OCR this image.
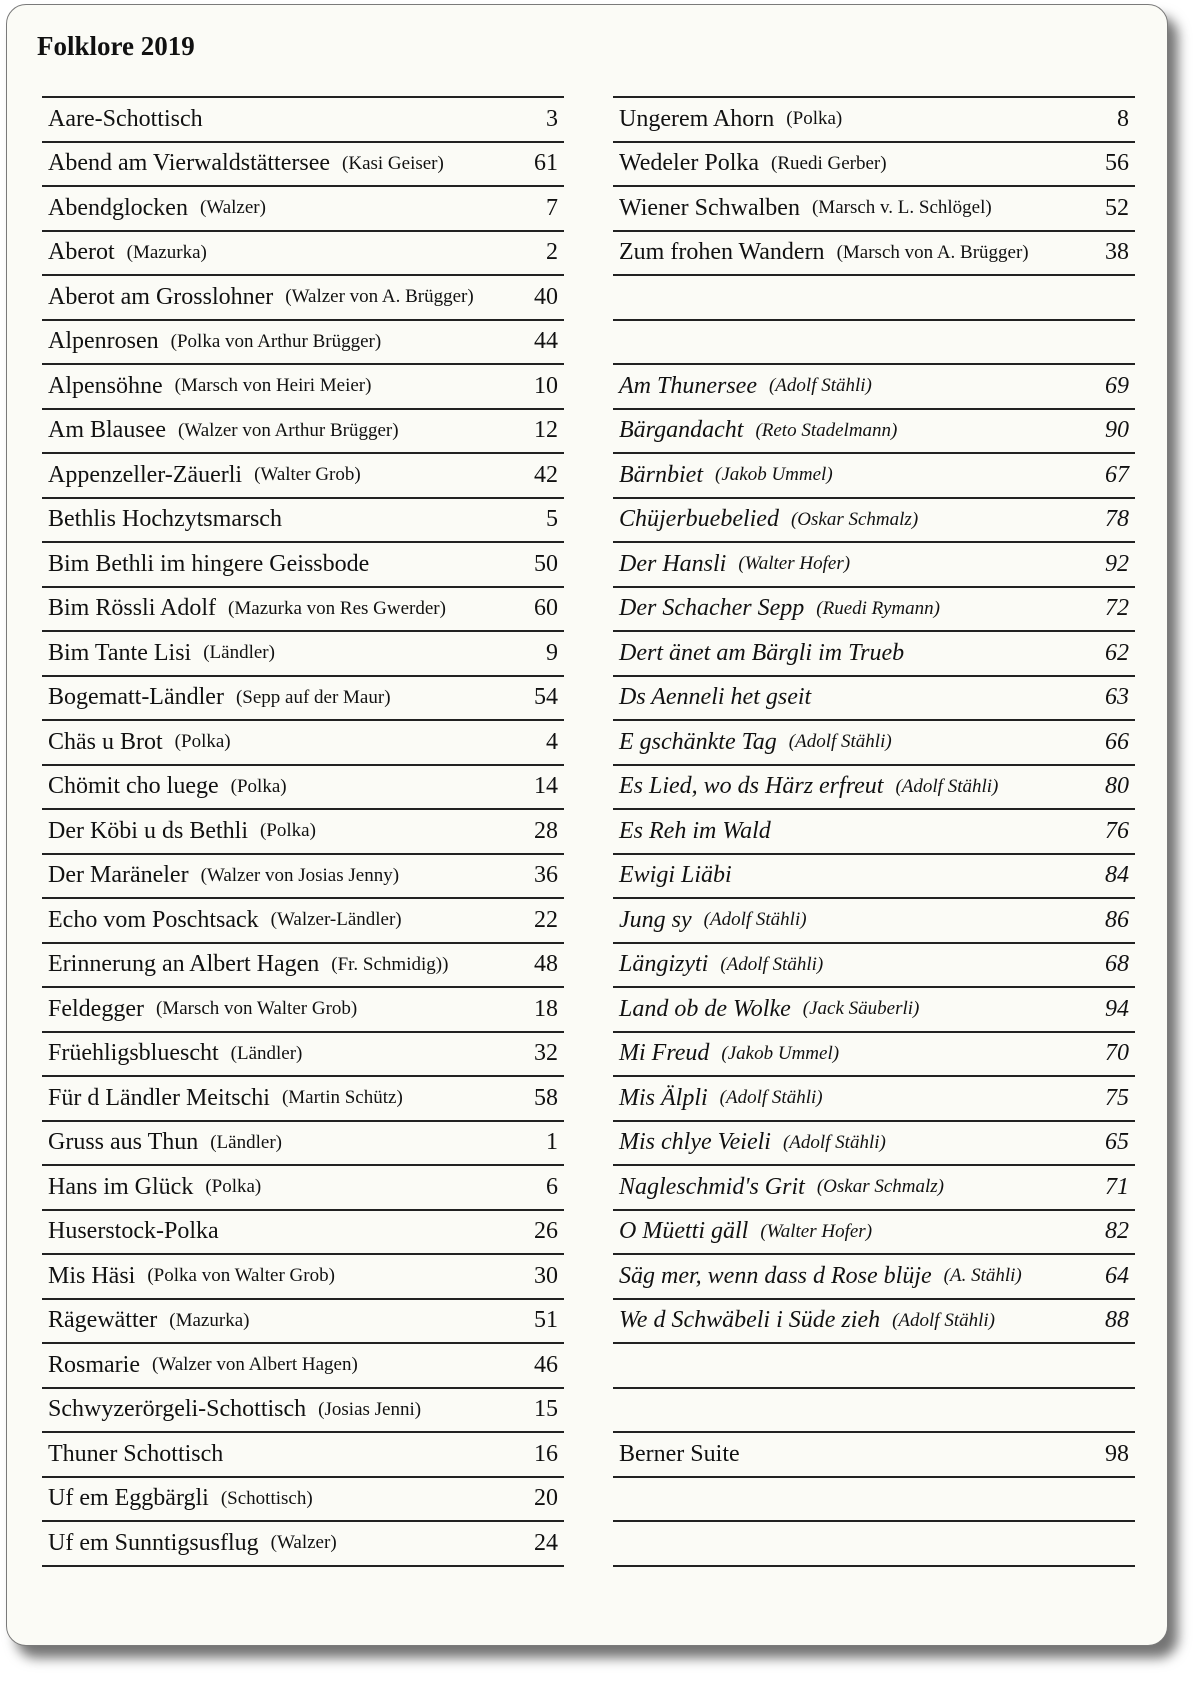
Folklore 2019
Aare-Schottisch	3
Abend am Vierwaldstättersee (Kasi Geiser)	61
Abendglocken (Walzer)	7
Aberot (Mazurka)	2
Aberot am Grosslohner (Walzer von A. Brügger)	40
Alpenrosen (Polka von Arthur Brügger)	44
Alpensöhne (Marsch von Heiri Meier)	10
Am Blausee (Walzer von Arthur Brügger)	12
Appenzeller-Zäuerli (Walter Grob)	42
Bethlis Hochzytsmarsch	5
Bim Bethli im hingere Geissbode	50
Bim Rössli Adolf (Mazurka von Res Gwerder)	60
Bim Tante Lisi (Ländler)	9
Bogematt-Ländler (Sepp auf der Maur)	54
Chäs u Brot (Polka)	4
Chömit cho luege (Polka)	14
Der Köbi u ds Bethli (Polka)	28
Der Maräneler (Walzer von Josias Jenny)	36
Echo vom Poschtsack (Walzer-Ländler)	22
Erinnerung an Albert Hagen (Fr. Schmidig))	48
Feldegger (Marsch von Walter Grob)	18
Früehligsbluescht (Ländler)	32
Für d Ländler Meitschi (Martin Schütz)	58
Gruss aus Thun (Ländler)	1
Hans im Glück (Polka)	6
Huserstock-Polka	26
Mis Häsi (Polka von Walter Grob)	30
Rägewätter (Mazurka)	51
Rosmarie (Walzer von Albert Hagen)	46
Schwyzerörgeli-Schottisch (Josias Jenni)	15
Thuner Schottisch	16
Uf em Eggbärgli (Schottisch)	20
Uf em Sunntigsusflug (Walzer)	24
Ungerem Ahorn (Polka)	8
Wedeler Polka (Ruedi Gerber)	56
Wiener Schwalben (Marsch v. L. Schlögel)	52
Zum frohen Wandern (Marsch von A. Brügger)	38
Am Thunersee (Adolf Stähli)	69
Bärgandacht (Reto Stadelmann)	90
Bärnbiet (Jakob Ummel)	67
Chüjerbuebelied (Oskar Schmalz)	78
Der Hansli (Walter Hofer)	92
Der Schacher Sepp (Ruedi Rymann)	72
Dert änet am Bärgli im Trueb	62
Ds Aenneli het gseit	63
E gschänkte Tag (Adolf Stähli)	66
Es Lied, wo ds Härz erfreut (Adolf Stähli)	80
Es Reh im Wald	76
Ewigi Liäbi	84
Jung sy (Adolf Stähli)	86
Längizyti (Adolf Stähli)	68
Land ob de Wolke (Jack Säuberli)	94
Mi Freud (Jakob Ummel)	70
Mis Älpli (Adolf Stähli)	75
Mis chlye Veieli (Adolf Stähli)	65
Nagleschmid's Grit (Oskar Schmalz)	71
O Müetti gäll (Walter Hofer)	82
Säg mer, wenn dass d Rose blüje (A. Stähli)	64
We d Schwäbeli i Süde zieh (Adolf Stähli)	88
Berner Suite	98
